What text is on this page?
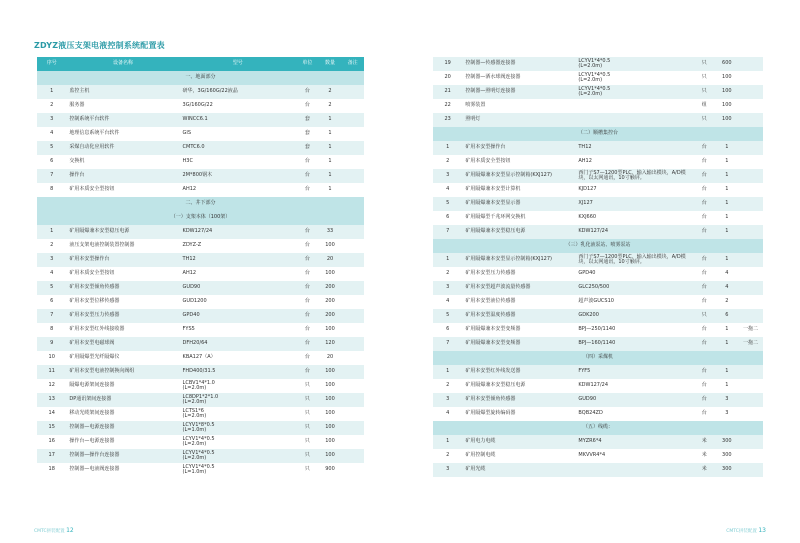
ZDYZ液压支架电液控制系统配置表
序号	设备名称	型号	单位	数量	备注
一、地面部分					
1	监控主机	研华，3G/160G/22液晶	台	2	
2	服务器	3G/160G/22	台	2	
3	控制系统平台软件	WINCC6.1	套	1	
4	地理信息系统平台软件	GIS	套	1	
5	采煤自动化应用软件	CMTC6.0	套	1	
6	交换机	H3C	台	1	
7	操作台	2M*800钢木	台	1	
8	矿用本质安全型按钮	AH12	台	1	
二、井下部分					
（一）支架本体（100架）					
1	矿用隔爆兼本安型稳压电源	KDW127/24	台	33	
2	液压支架电液控制装置控制器	ZDYZ-Z	台	100	
3	矿用本安型操作台	TH12	台	20	
4	矿用本质安全型按钮	AH12	台	100	
5	矿用本安型倾角传感器	GUD90	台	200	
6	矿用本安型位移传感器	GUD1200	台	200	
7	矿用本安型压力传感器	GPD40	台	200	
8	矿用本安型红外线接收器	FYS5	台	100	
9	矿用本安型电磁球阀	DFH20/64	台	120	
10	矿用隔爆型光纤隔爆仪	KBA127（A）	台	20	
11	矿用本安型电液控制换向阀组	FHD400/31.5	台	100	
12	隔爆电源架间连接器	LCBV1*4*1.0
(L=2.0m)	只	100	
13	DP通讯架间连接器	LC8DP1*2*1.0
(L=2.0m)	只	100	
14	移动光缆架间连接器	LCTS1*6
(L=2.0m)	只	100	
15	控制器—电源连接器	LCYV1*8*0.5
(L=1.0m)	只	100	
16	操作台—电源连接器	LCYV1*4*0.5
(L=2.0m)	只	100	
17	控制器—操作台连接器	LCYV1*4*0.5
(L=2.0m)	只	100	
18	控制器—电液阀连接器	LCYV1*4*0.5
(L=1.0m)	只	900	
CMTC拼装配置 12
19	控制器—传感器连接器	LCYV1*4*0.5
(L=2.0m)	只	600	
20	控制器—洒水球阀连接器	LCYV1*4*0.5
(L=2.0m)	只	100	
21	控制器—照明灯连接器	LCYV1*4*0.5
(L=2.0m)	只	100	
22	喷雾装置		组	100	
23	照明灯		只	100	
（二）顺槽集控台					
1	矿用本安型操作台	TH12	台	1	
2	矿用本质安全型按钮	AH12	台	1	
3	矿用隔爆兼本安型显示控制箱(KXJ127)	西门子S7—1200型PLC，输入输出模块，A/D模块，以太网通讯，10寸触屏。	台	1	
4	矿用隔爆兼本安型计算机	KJD127	台	1	
5	矿用隔爆兼本安型显示器	XJ127	台	1	
6	矿用隔爆型千兆环网交换机	KXJ660	台	1	
7	矿用隔爆兼本安型稳压电源	KDW127/24	台	1	
（三）乳化液泵站、喷雾泵站					
1	矿用隔爆兼本安型显示控制箱(KXJ127)	西门子S7—1200型PLC，输入输出模块，A/D模块，以太网通讯，10寸触屏。	台	1	
2	矿用本安型压力传感器	GPD40	台	4	
3	矿用本安型超声波流量传感器	GLC250/500	台	4	
4	矿用本安型液位传感器	超声波GUCS10	台	2	
5	矿用本安型温度传感器	GDK200	只	6	
6	矿用隔爆兼本安型变频器	BPJ—250/1140	台	1	一拖二
7	矿用隔爆兼本安型变频器	BPJ—160/1140	台	1	一拖二
（四）采煤机					
1	矿用本安型红外线发送器	FYF5	台	1	
2	矿用隔爆兼本安型稳压电源	KDW127/24	台	1	
3	矿用本安型倾角传感器	GUD90	台	3	
4	矿用隔爆型旋转编码器	BQB24ZD	台	3	
（五）线缆：					
1	矿用电力电缆	MYZR6*4	米	300	
2	矿用控制电缆	MKVVR4*4	米	300	
3	矿用光缆		米	300	
CMTC拼装配置 13
